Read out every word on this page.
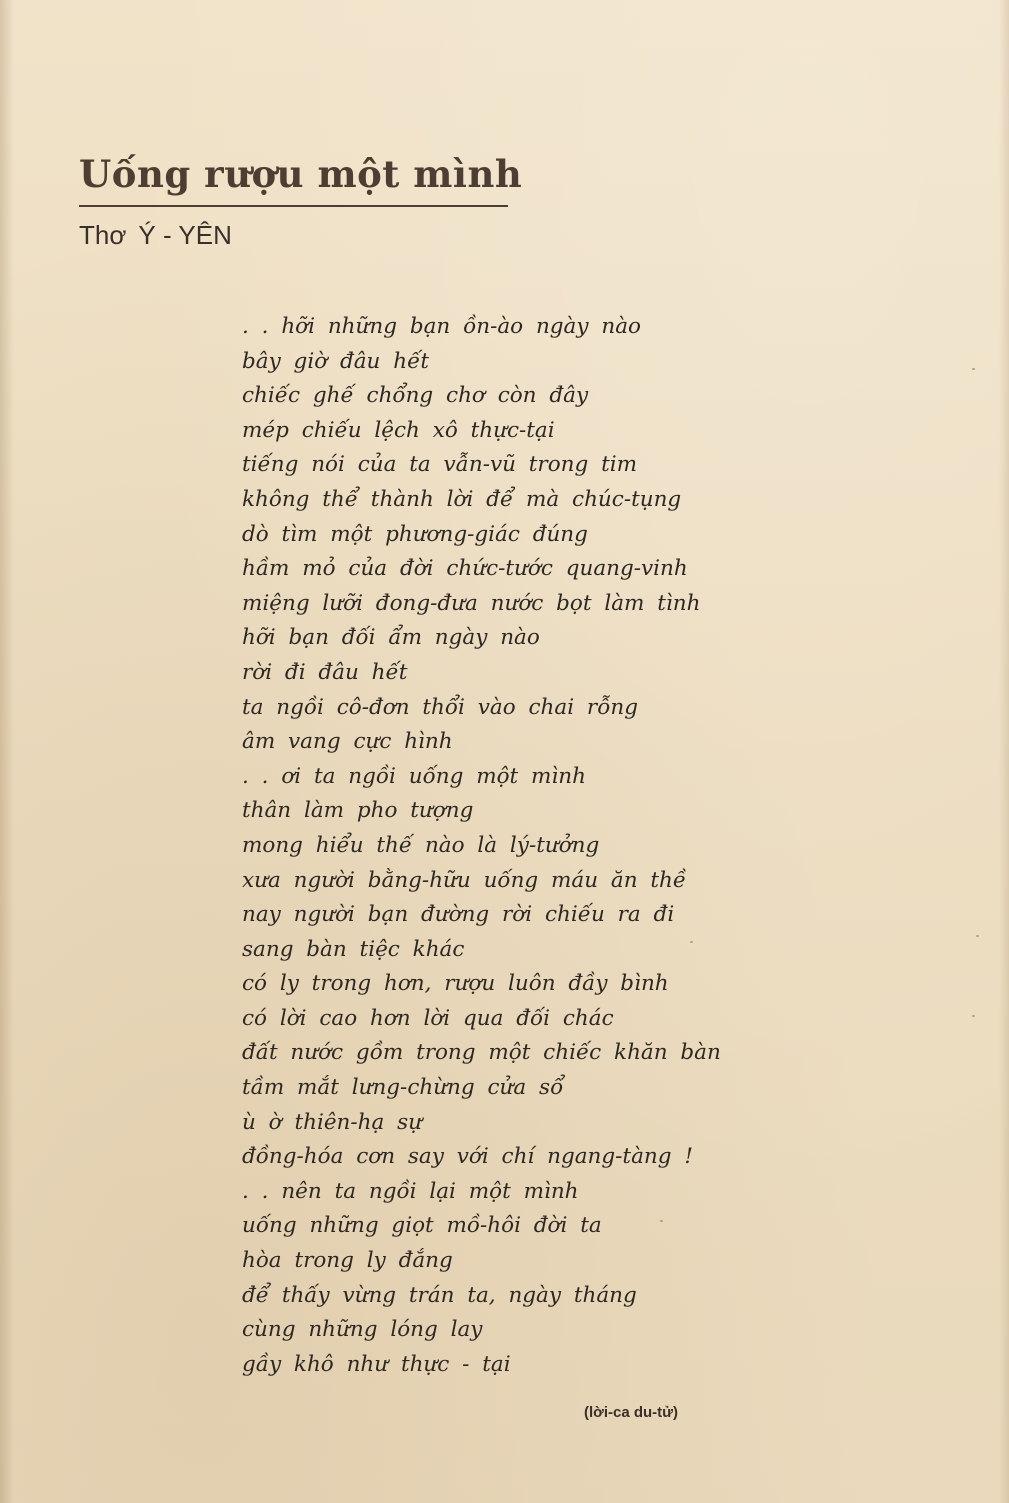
Uống rượu một mình
Thơ Ý - YÊN
. . hỡi những bạn ồn-ào ngày nào
bây giờ đâu hết
chiếc ghế chổng chơ còn đây
mép chiếu lệch xô thực-tại
tiếng nói của ta vẫn-vũ trong tim
không thể thành lời để mà chúc-tụng
dò tìm một phương-giác đúng
hầm mỏ của đời chức-tước quang-vinh
miệng lưỡi đong-đưa nước bọt làm tình
hỡi bạn đối ẩm ngày nào
rời đi đâu hết
ta ngồi cô-đơn thổi vào chai rỗng
âm vang cực hình
. . ơi ta ngồi uống một mình
thân làm pho tượng
mong hiểu thế nào là lý-tưởng
xưa người bằng-hữu uống máu ăn thề
nay người bạn đường rời chiếu ra đi
sang bàn tiệc khác
có ly trong hơn, rượu luôn đầy bình
có lời cao hơn lời qua đối chác
đất nước gồm trong một chiếc khăn bàn
tầm mắt lưng-chừng cửa sổ
ù ờ thiên-hạ sự
đồng-hóa cơn say với chí ngang-tàng !
. . nên ta ngồi lại một mình
uống những giọt mồ-hôi đời ta
hòa trong ly đắng
để thấy vừng trán ta, ngày tháng
cùng những lóng lay
gầy khô như thực - tại
(lời-ca du-tử)
